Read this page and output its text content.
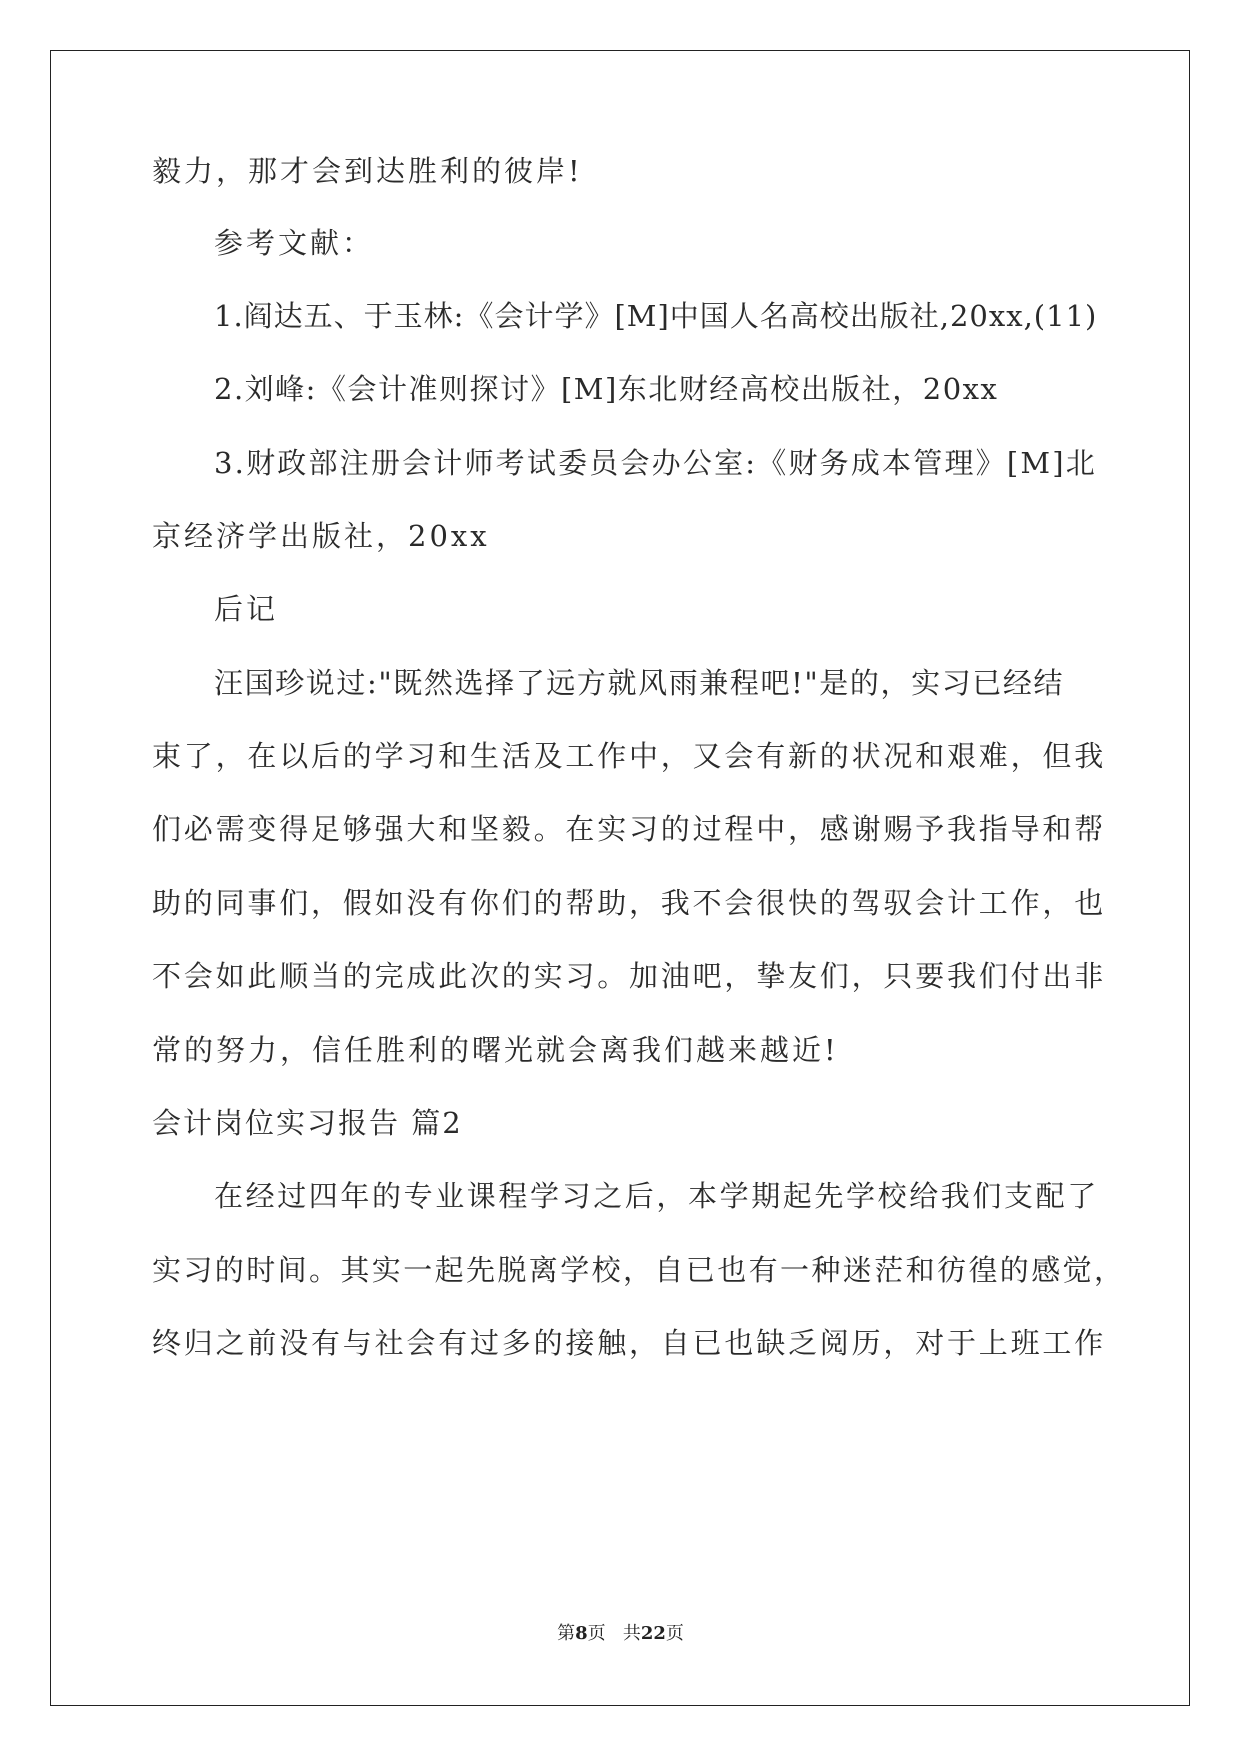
毅力，那才会到达胜利的彼岸!
参考文献：
1.阎达五、于玉林:《会计学》[M]中国人名高校出版社,20xx,(11)
2.刘峰:《会计准则探讨》[M]东北财经高校出版社，20xx
3.财政部注册会计师考试委员会办公室:《财务成本管理》[M]北
京经济学出版社，20xx
后记
汪国珍说过:"既然选择了远方就风雨兼程吧!"是的，实习已经结
束了，在以后的学习和生活及工作中，又会有新的状况和艰难，但我
们必需变得足够强大和坚毅。在实习的过程中，感谢赐予我指导和帮
助的同事们，假如没有你们的帮助，我不会很快的驾驭会计工作，也
不会如此顺当的完成此次的实习。加油吧，挚友们，只要我们付出非
常的努力，信任胜利的曙光就会离我们越来越近!
会计岗位实习报告 篇2
在经过四年的专业课程学习之后，本学期起先学校给我们支配了
实习的时间。其实一起先脱离学校，自已也有一种迷茫和彷徨的感觉，
终归之前没有与社会有过多的接触，自已也缺乏阅历，对于上班工作
第8页 共22页
